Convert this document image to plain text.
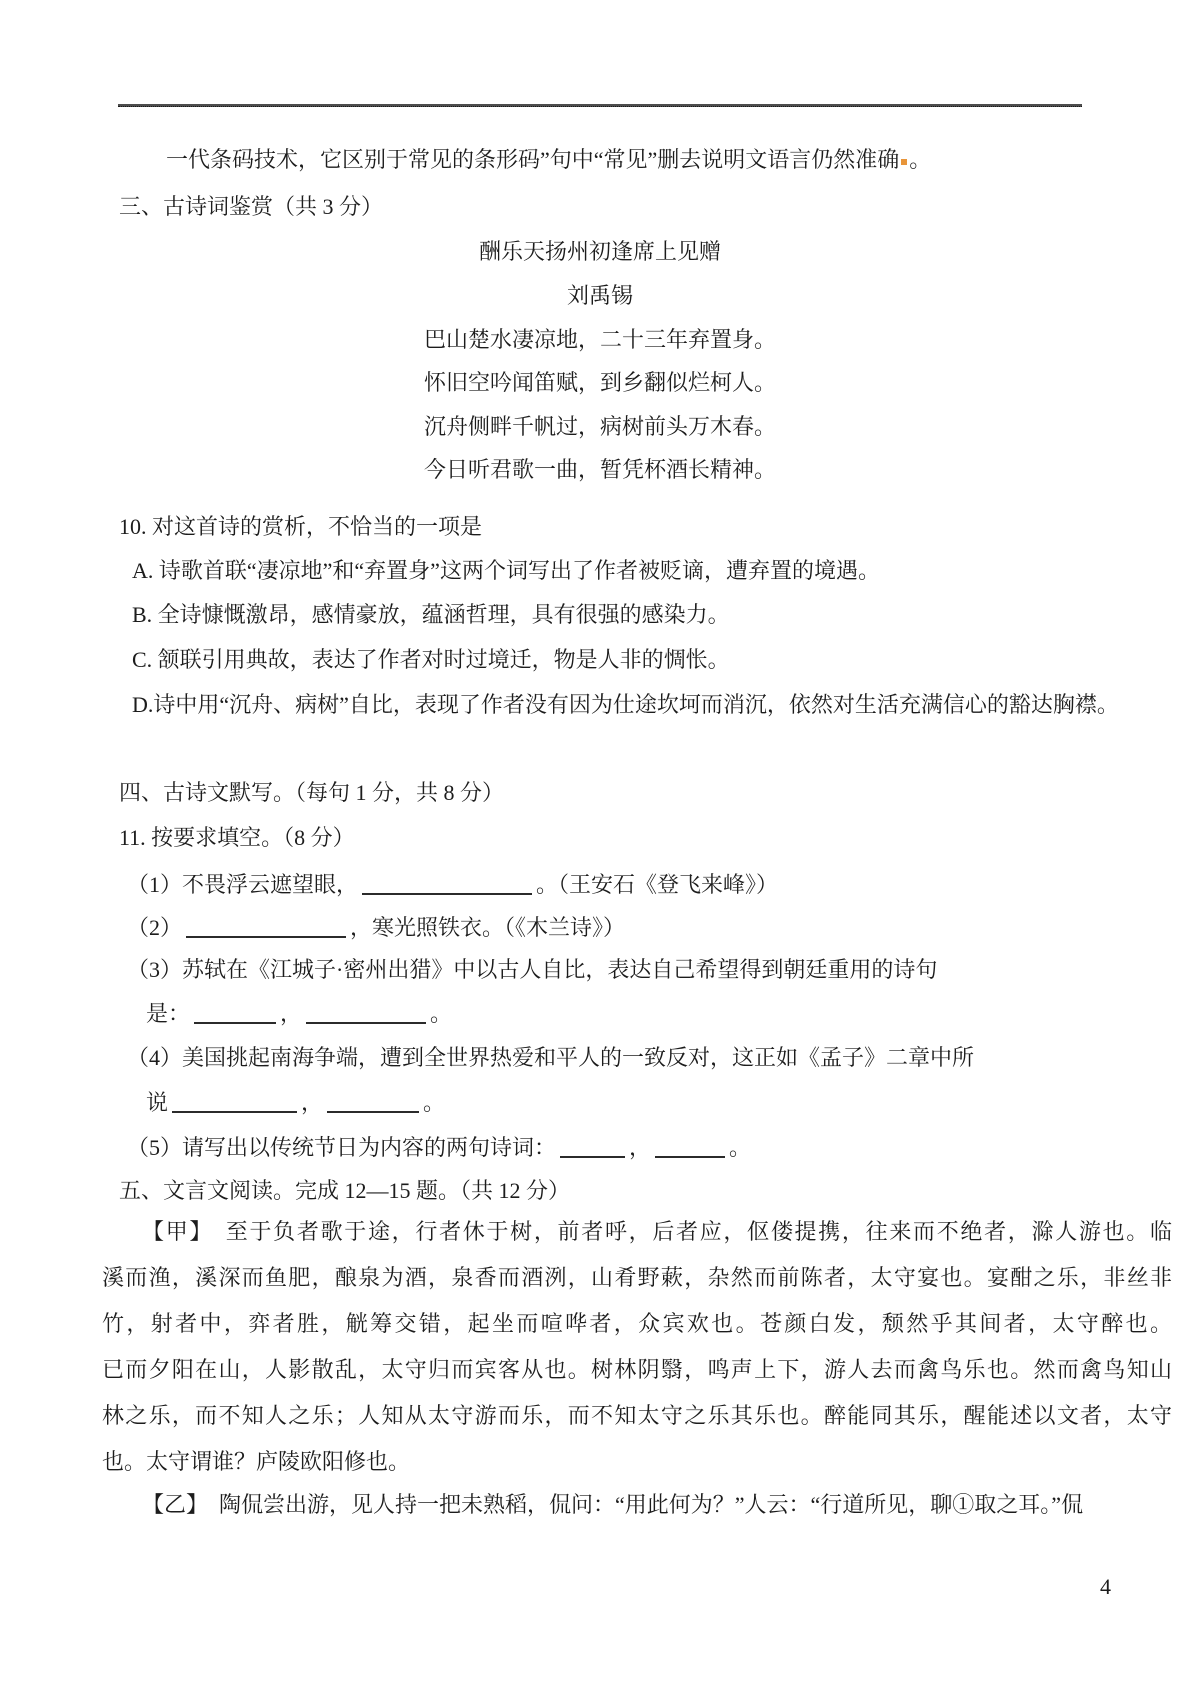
一代条码技术，它区别于常见的条形码”句中“常见”删去说明文语言仍然准确 。
三、古诗词鉴赏（共 3 分）
酬乐天扬州初逢席上见赠
刘禹锡
巴山楚水凄凉地，二十三年弃置身。
怀旧空吟闻笛赋，到乡翻似烂柯人。
沉舟侧畔千帆过，病树前头万木春。
今日听君歌一曲，暂凭杯酒长精神。
10. 对这首诗的赏析，不恰当的一项是
A. 诗歌首联“凄凉地”和“弃置身”这两个词写出了作者被贬谪，遭弃置的境遇。
B. 全诗慷慨激昂，感情豪放，蕴涵哲理，具有很强的感染力。
C. 颔联引用典故，表达了作者对时过境迁，物是人非的惆怅。
D.诗中用“沉舟、病树”自比，表现了作者没有因为仕途坎坷而消沉，依然对生活充满信心的豁达胸襟。
四、古诗文默写。（每句 1 分，共 8 分）
11. 按要求填空。（8 分）
（1）不畏浮云遮望眼，	。（王安石《登飞来峰》）
（2）	，寒光照铁衣。（《木兰诗》）
（3）苏轼在《江城子·密州出猎》中以古人自比，表达自己希望得到朝廷重用的诗句
是：	，	。
（4）美国挑起南海争端，遭到全世界热爱和平人的一致反对，这正如《孟子》二章中所
说	，	。
（5）请写出以传统节日为内容的两句诗词：	，	。
五、文言文阅读。完成 12—15 题。（共 12 分）
【甲】　至于负者歌于途，行者休于树，前者呼，后者应，伛偻提携，往来而不绝者，滁人游也。临
溪而渔，溪深而鱼肥，酿泉为酒，泉香而酒洌，山肴野蔌，杂然而前陈者，太守宴也。宴酣之乐，非丝非
竹，射者中，弈者胜，觥筹交错，起坐而喧哗者，众宾欢也。苍颜白发，颓然乎其间者，太守醉也。
已而夕阳在山，人影散乱，太守归而宾客从也。树林阴翳，鸣声上下，游人去而禽鸟乐也。然而禽鸟知山
林之乐，而不知人之乐；人知从太守游而乐，而不知太守之乐其乐也。醉能同其乐，醒能述以文者，太守
也。太守谓谁？庐陵欧阳修也。
【乙】　陶侃尝出游，见人持一把未熟稻，侃问：“用此何为？”人云：“行道所见，聊①取之耳。”侃
4
